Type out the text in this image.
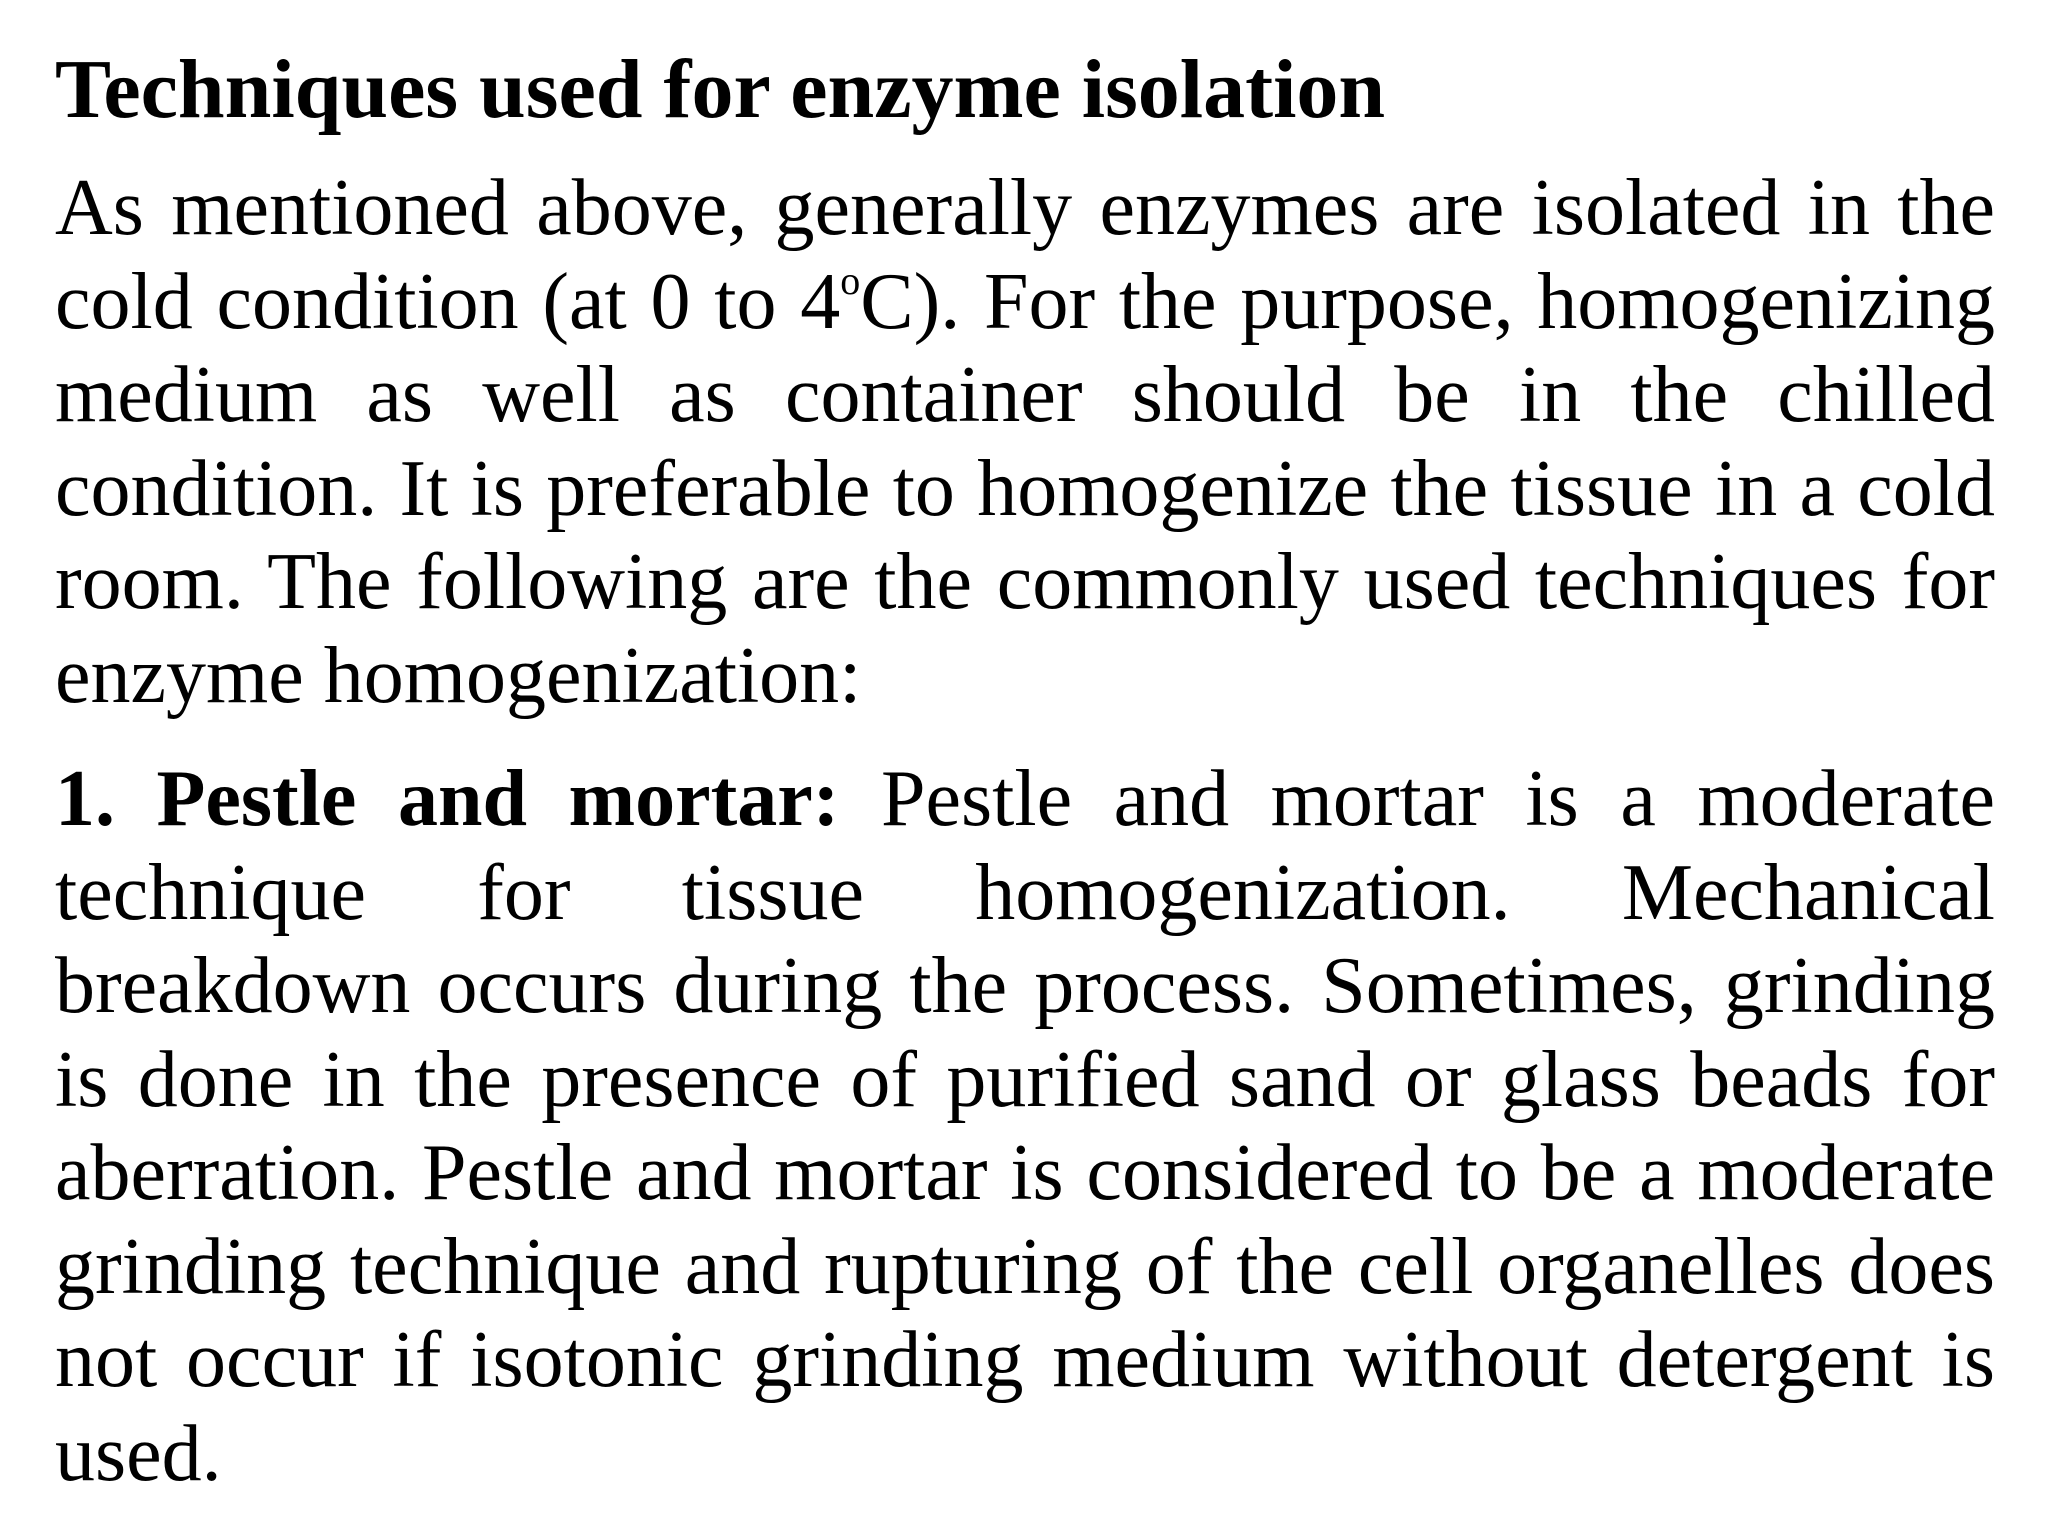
Techniques used for enzyme isolation

As mentioned above, generally enzymes are isolated in the cold condition (at 0 to 4$^o$C). For the purpose, homogenizing medium as well as container should be in the chilled condition. It is preferable to homogenize the tissue in a cold room. The following are the commonly used techniques for enzyme homogenization:

1. Pestle and mortar: Pestle and mortar is a moderate technique for tissue homogenization. Mechanical breakdown occurs during the process. Sometimes, grinding is done in the presence of purified sand or glass beads for aberration. Pestle and mortar is considered to be a moderate grinding technique and rupturing of the cell organelles does not occur if isotonic grinding medium without detergent is used.
